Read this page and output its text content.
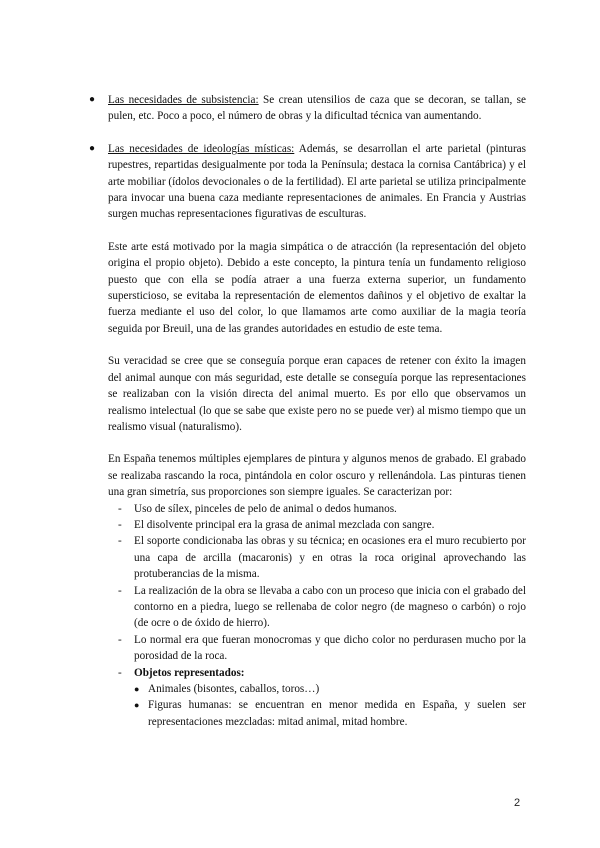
● Las necesidades de subsistencia: Se crean utensilios de caza que se decoran, se tallan, se pulen, etc. Poco a poco, el número de obras y la dificultad técnica van aumentando.
● Las necesidades de ideologías místicas: Además, se desarrollan el arte parietal (pinturas rupestres, repartidas desigualmente por toda la Península; destaca la cornisa Cantábrica) y el arte mobiliar (ídolos devocionales o de la fertilidad). El arte parietal se utiliza principalmente para invocar una buena caza mediante representaciones de animales. En Francia y Austrias surgen muchas representaciones figurativas de esculturas.

Este arte está motivado por la magia simpática o de atracción (la representación del objeto origina el propio objeto). Debido a este concepto, la pintura tenía un fundamento religioso puesto que con ella se podía atraer a una fuerza externa superior, un fundamento supersticioso, se evitaba la representación de elementos dañinos y el objetivo de exaltar la fuerza mediante el uso del color, lo que llamamos arte como auxiliar de la magia teoría seguida por Breuil, una de las grandes autoridades en estudio de este tema.

Su veracidad se cree que se conseguía porque eran capaces de retener con éxito la imagen del animal aunque con más seguridad, este detalle se conseguía porque las representaciones se realizaban con la visión directa del animal muerto. Es por ello que observamos un realismo intelectual (lo que se sabe que existe pero no se puede ver) al mismo tiempo que un realismo visual (naturalismo).

En España tenemos múltiples ejemplares de pintura y algunos menos de grabado. El grabado se realizaba rascando la roca, pintándola en color oscuro y rellenándola. Las pinturas tienen una gran simetría, sus proporciones son siempre iguales. Se caracterizan por:

- Uso de sílex, pinceles de pelo de animal o dedos humanos.
- El disolvente principal era la grasa de animal mezclada con sangre.
- El soporte condicionaba las obras y su técnica; en ocasiones era el muro recubierto por una capa de arcilla (macaronis) y en otras la roca original aprovechando las protuberancias de la misma.
- La realización de la obra se llevaba a cabo con un proceso que inicia con el grabado del contorno en a piedra, luego se rellenaba de color negro (de magneso o carbón) o rojo (de ocre o de óxido de hierro).
- Lo normal era que fueran monocromas y que dicho color no perdurasen mucho por la porosidad de la roca.
- Objetos representados:
● Animales (bisontes, caballos, toros…)
● Figuras humanas: se encuentran en menor medida en España, y suelen ser representaciones mezcladas: mitad animal, mitad hombre.
2
